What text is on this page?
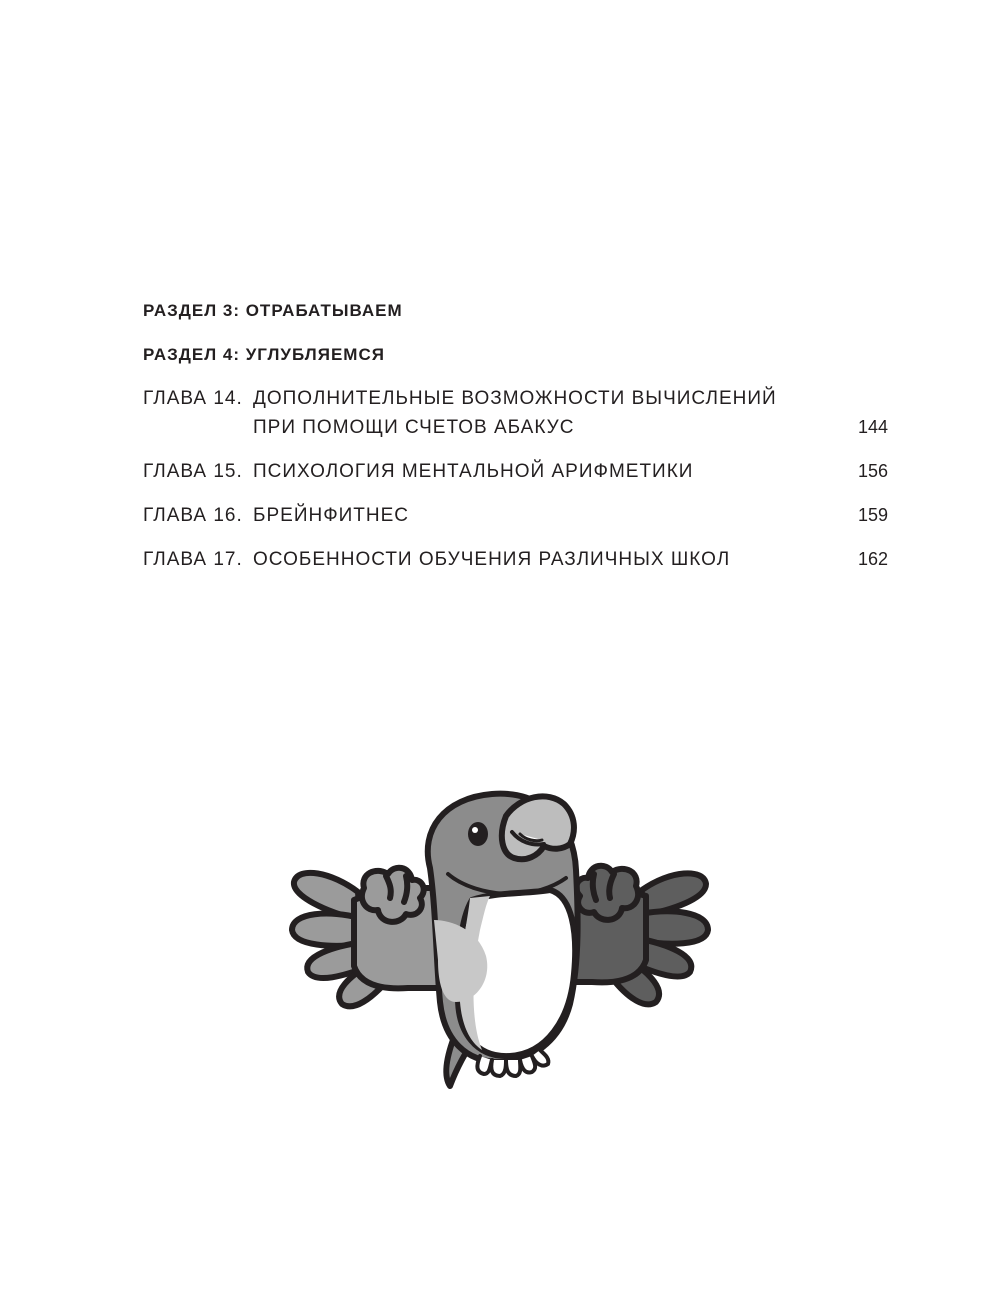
РАЗДЕЛ 3: ОТРАБАТЫВАЕМ
РАЗДЕЛ 4: УГЛУБЛЯЕМСЯ
ГЛАВА 14. ДОПОЛНИТЕЛЬНЫЕ ВОЗМОЖНОСТИ ВЫЧИСЛЕНИЙ
ПРИ ПОМОЩИ СЧЕТОВ АБАКУС	144
ГЛАВА 15. ПСИХОЛОГИЯ МЕНТАЛЬНОЙ АРИФМЕТИКИ	156
ГЛАВА 16. БРЕЙНФИТНЕС	159
ГЛАВА 17. ОСОБЕННОСТИ ОБУЧЕНИЯ РАЗЛИЧНЫХ ШКОЛ	162
